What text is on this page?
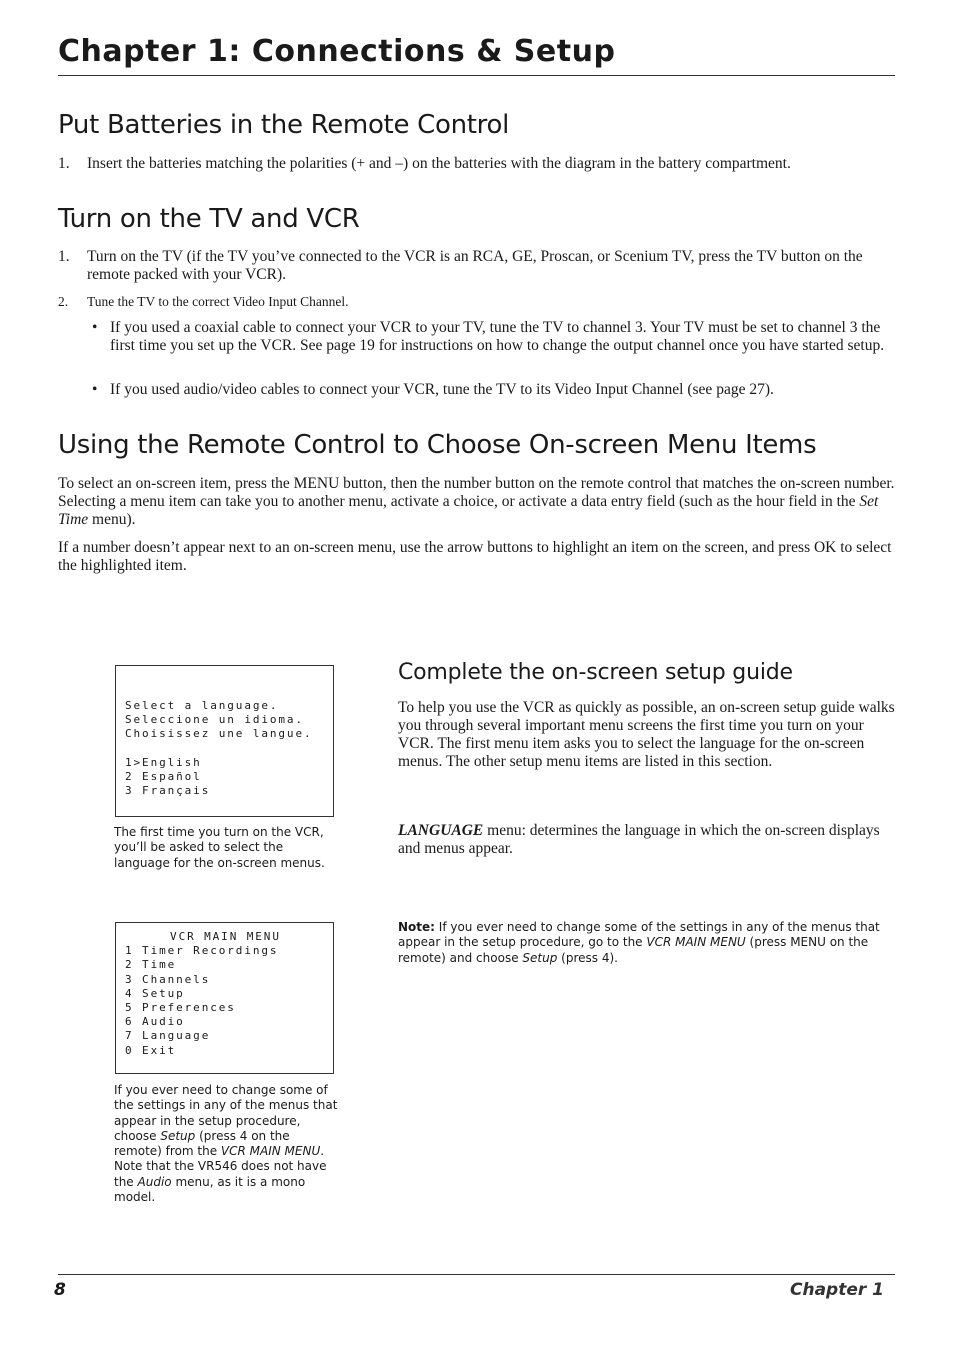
Chapter 1: Connections & Setup
Put Batteries in the Remote Control
1. Insert the batteries matching the polarities (+ and –) on the batteries with the diagram in the battery compartment.
Turn on the TV and VCR
1. Turn on the TV (if the TV you’ve connected to the VCR is an RCA, GE, Proscan, or Scenium TV, press the TV button on the remote packed with your VCR).
2. Tune the TV to the correct Video Input Channel.
• If you used a coaxial cable to connect your VCR to your TV, tune the TV to channel 3. Your TV must be set to channel 3 the first time you set up the VCR. See page 19 for instructions on how to change the output channel once you have started setup.
• If you used audio/video cables to connect your VCR, tune the TV to its Video Input Channel (see page 27).
Using the Remote Control to Choose On-screen Menu Items

To select an on-screen item, press the MENU button, then the number button on the remote control that matches the on-screen number. Selecting a menu item can take you to another menu, activate a choice, or activate a data entry field (such as the hour field in the Set Time menu).

If a number doesn’t appear next to an on-screen menu, use the arrow buttons to highlight an item on the screen, and press OK to select the highlighted item.

Select a language.
Seleccione un idioma.
Choisissez une langue.
1>English
2 Español
3 Français
The first time you turn on the VCR, you’ll be asked to select the language for the on-screen menus.
VCR MAIN MENU
1 Timer Recordings
2 Time
3 Channels
4 Setup
5 Preferences
6 Audio
7 Language
0 Exit
If you ever need to change some of the settings in any of the menus that appear in the setup procedure, choose Setup (press 4 on the remote) from the VCR MAIN MENU. Note that the VR546 does not have the Audio menu, as it is a mono model.
Complete the on-screen setup guide

To help you use the VCR as quickly as possible, an on-screen setup guide walks you through several important menu screens the first time you turn on your VCR. The first menu item asks you to select the language for the on-screen menus. The other setup menu items are listed in this section.

LANGUAGE menu: determines the language in which the on-screen displays and menus appear.

Note: If you ever need to change some of the settings in any of the menus that appear in the setup procedure, go to the VCR MAIN MENU (press MENU on the remote) and choose Setup (press 4).

8	Chapter 1
